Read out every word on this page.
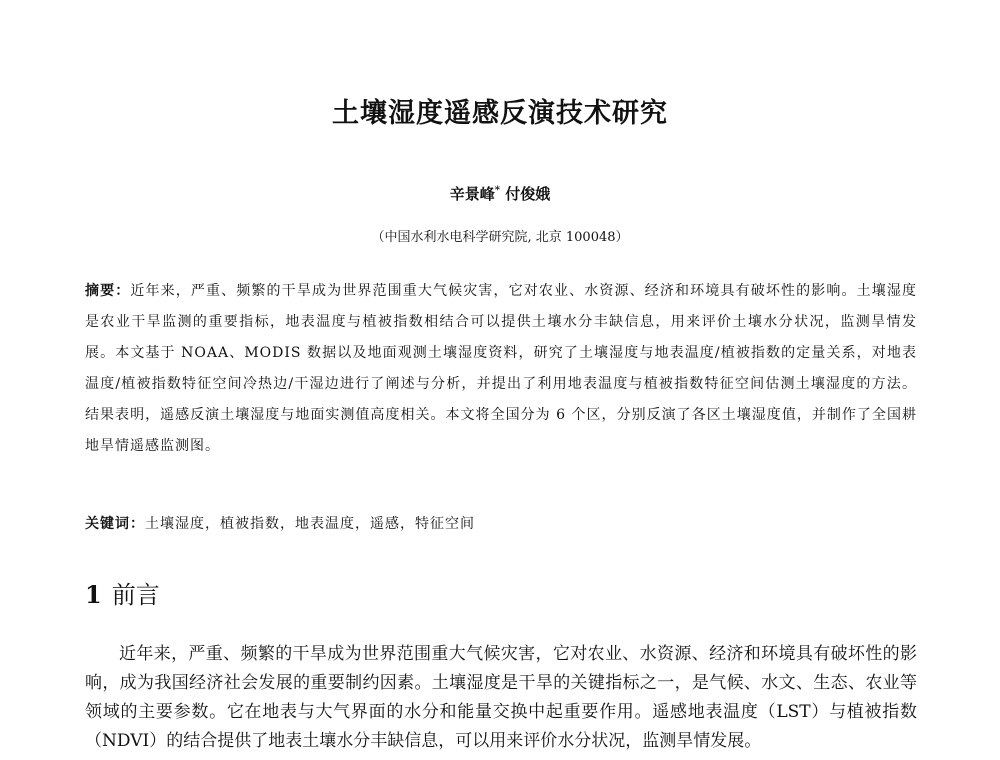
土壤湿度遥感反演技术研究
辛景峰* 付俊娥
（中国水利水电科学研究院, 北京 100048）
摘要：近年来，严重、频繁的干旱成为世界范围重大气候灾害，它对农业、水资源、经济和环境具有破坏性的影响。土壤湿度是农业干旱监测的重要指标，地表温度与植被指数相结合可以提供土壤水分丰缺信息，用来评价土壤水分状况，监测旱情发展。本文基于 NOAA、MODIS 数据以及地面观测土壤湿度资料，研究了土壤湿度与地表温度/植被指数的定量关系，对地表温度/植被指数特征空间冷热边/干湿边进行了阐述与分析，并提出了利用地表温度与植被指数特征空间估测土壤湿度的方法。结果表明，遥感反演土壤湿度与地面实测值高度相关。本文将全国分为 6 个区，分别反演了各区土壤湿度值，并制作了全国耕地旱情遥感监测图。
关键词：土壤湿度，植被指数，地表温度，遥感，特征空间
1 前言
近年来，严重、频繁的干旱成为世界范围重大气候灾害，它对农业、水资源、经济和环境具有破坏性的影响，成为我国经济社会发展的重要制约因素。土壤湿度是干旱的关键指标之一，是气候、水文、生态、农业等领域的主要参数。它在地表与大气界面的水分和能量交换中起重要作用。遥感地表温度（LST）与植被指数（NDVI）的结合提供了地表土壤水分丰缺信息，可以用来评价水分状况，监测旱情发展。
